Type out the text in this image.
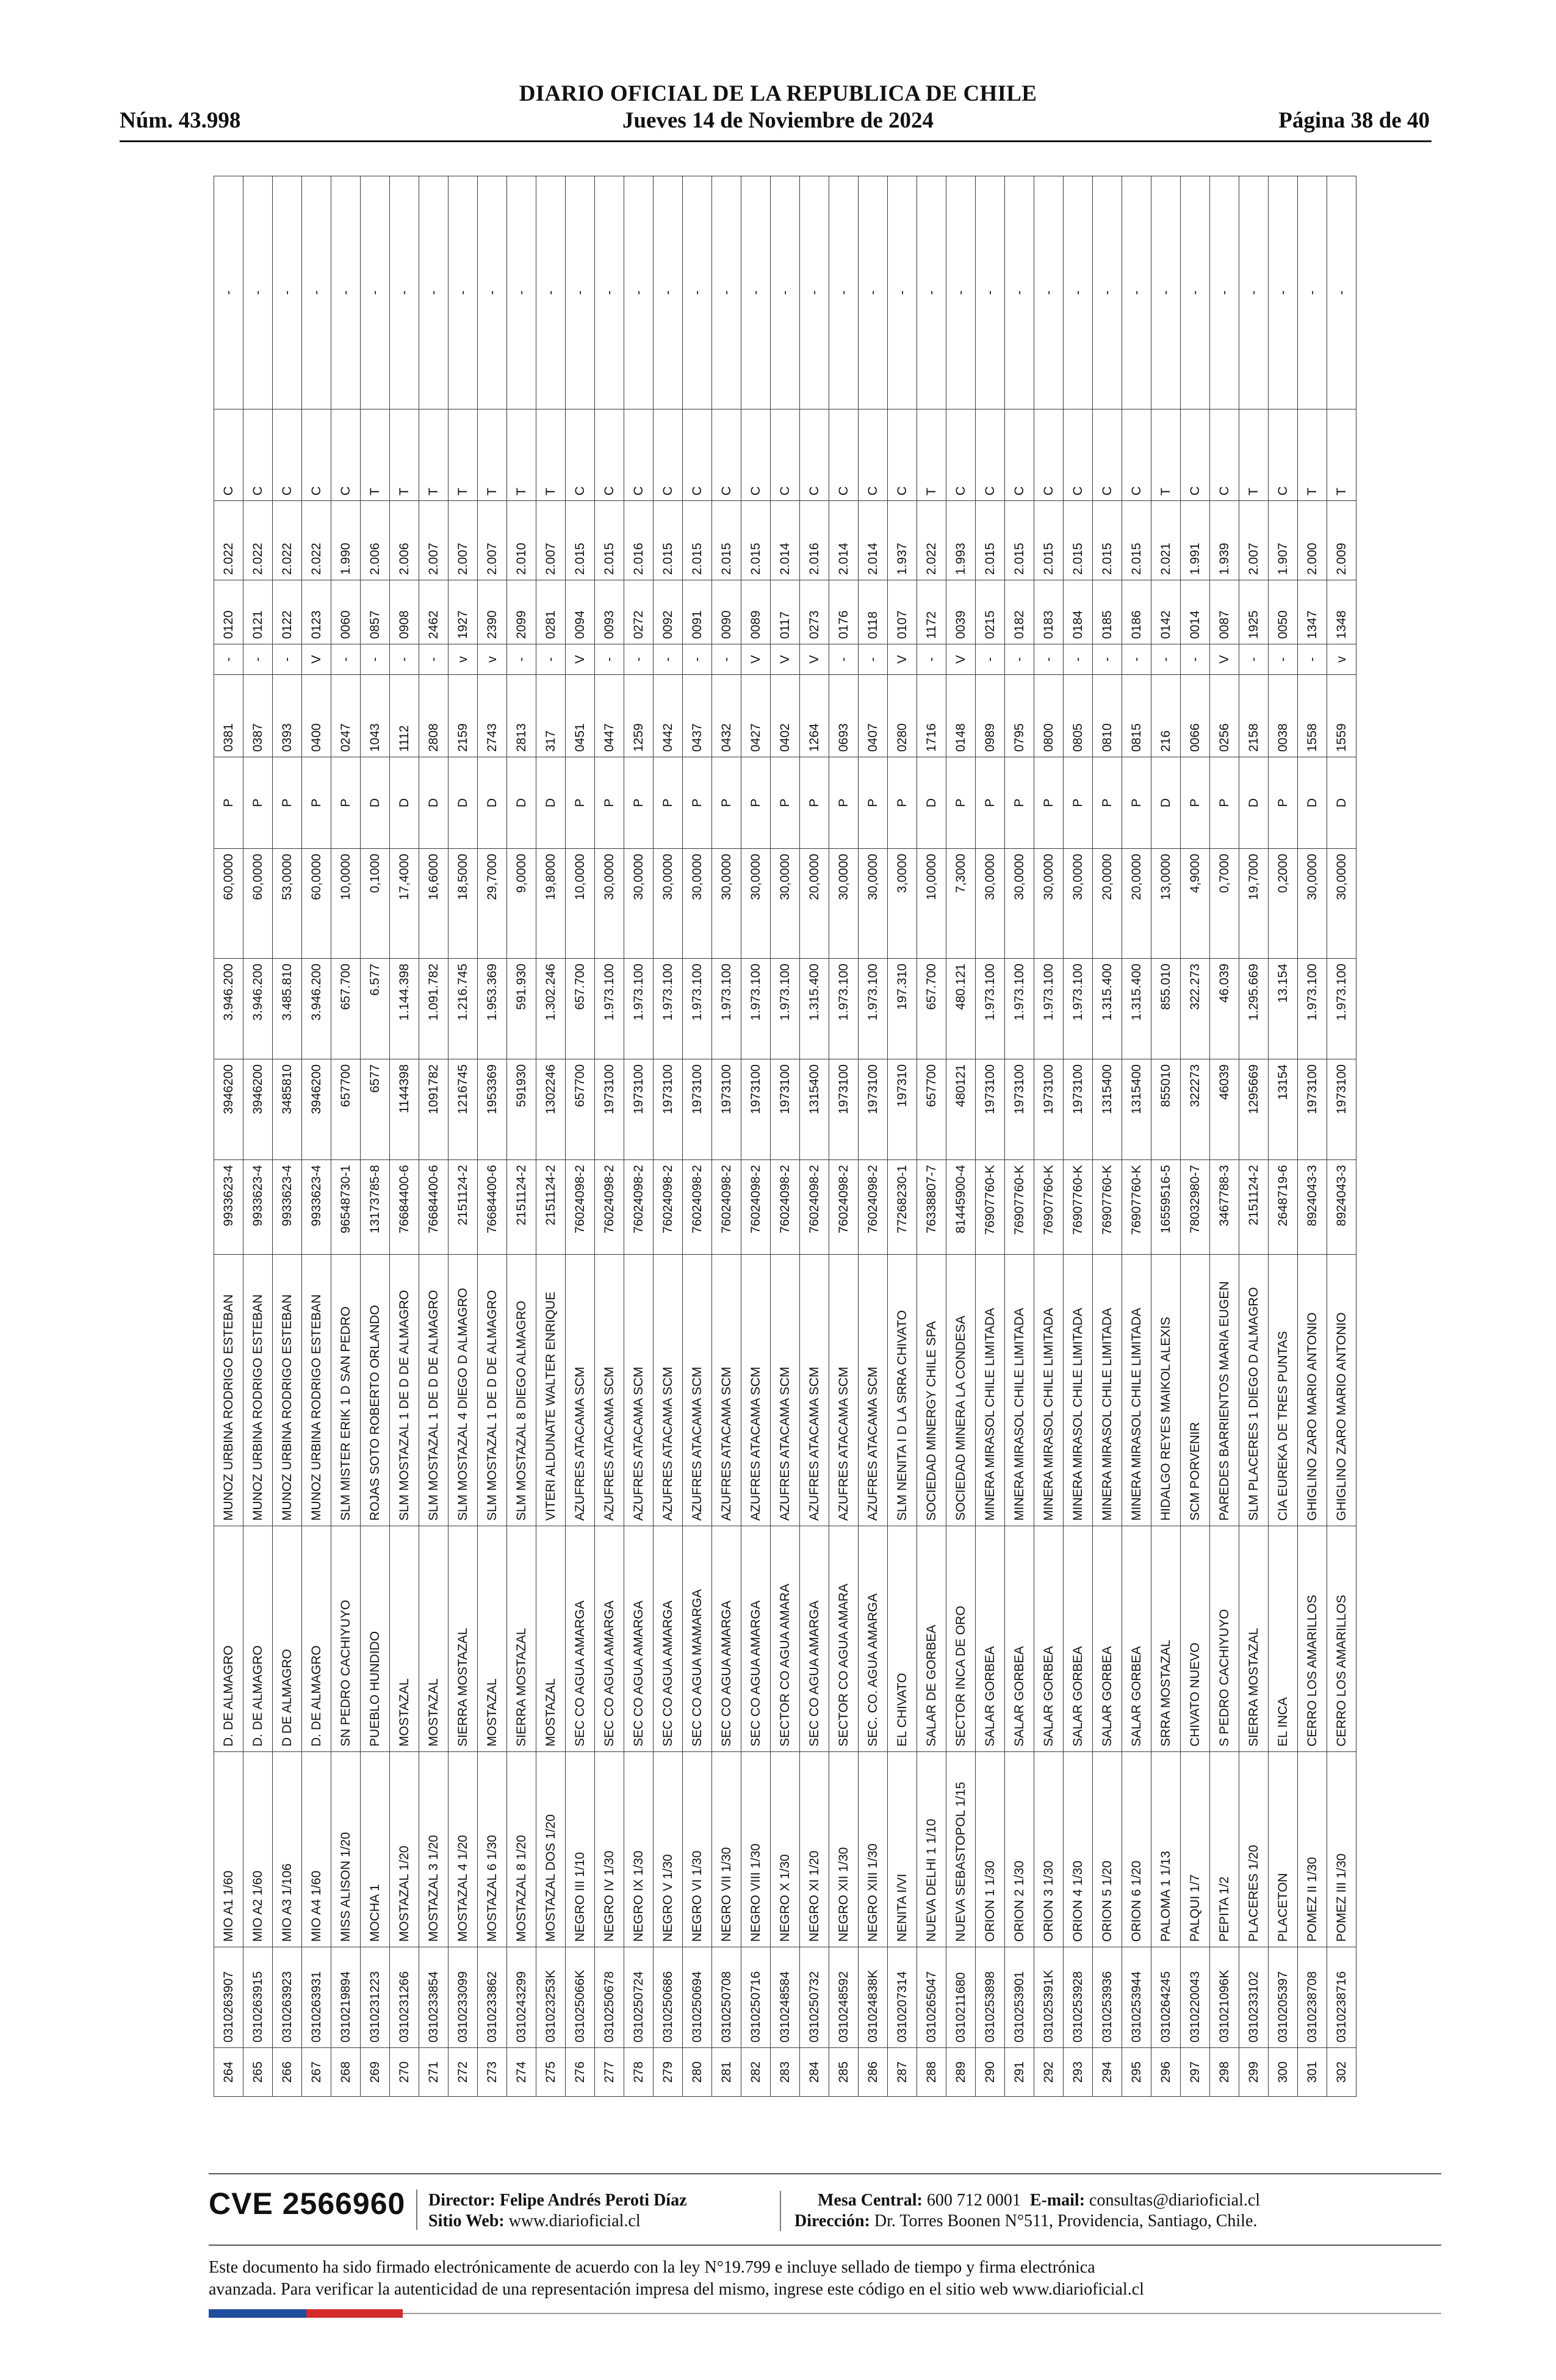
DIARIO OFICIAL DE LA REPUBLICA DE CHILE
Núm. 43.998	Jueves 14 de Noviembre de 2024	Página 38 de 40
264	0310263907	MIO A1 1/60	D. DE ALMAGRO	MUNOZ URBINA RODRIGO ESTEBAN	9933623-4	3946200	3.946.200	60,0000	P	0381	-	0120	2.022	C	-
265	0310263915	MIO A2 1/60	D. DE ALMAGRO	MUNOZ URBINA RODRIGO ESTEBAN	9933623-4	3946200	3.946.200	60,0000	P	0387	-	0121	2.022	C	-
266	0310263923	MIO A3 1/106	D DE ALMAGRO	MUNOZ URBINA RODRIGO ESTEBAN	9933623-4	3485810	3.485.810	53,0000	P	0393	-	0122	2.022	C	-
267	0310263931	MIO A4 1/60	D. DE ALMAGRO	MUNOZ URBINA RODRIGO ESTEBAN	9933623-4	3946200	3.946.200	60,0000	P	0400	V	0123	2.022	C	-
268	0310219894	MISS ALISON 1/20	SN PEDRO CACHIYUYO	SLM MISTER ERIK 1 D SAN PEDRO	96548730-1	657700	657.700	10,0000	P	0247	-	0060	1.990	C	-
269	0310231223	MOCHA 1	PUEBLO HUNDIDO	ROJAS SOTO ROBERTO ORLANDO	13173785-8	6577	6.577	0,1000	D	1043	-	0857	2.006	T	-
270	0310231266	MOSTAZAL 1/20	MOSTAZAL	SLM MOSTAZAL 1 DE D DE ALMAGRO	76684400-6	1144398	1.144.398	17,4000	D	1112	-	0908	2.006	T	-
271	0310233854	MOSTAZAL 3 1/20	MOSTAZAL	SLM MOSTAZAL 1 DE D DE ALMAGRO	76684400-6	1091782	1.091.782	16,6000	D	2808	-	2462	2.007	T	-
272	0310233099	MOSTAZAL 4 1/20	SIERRA MOSTAZAL	SLM MOSTAZAL 4 DIEGO D ALMAGRO	2151124-2	1216745	1.216.745	18,5000	D	2159	v	1927	2.007	T	-
273	0310233862	MOSTAZAL 6 1/30	MOSTAZAL	SLM MOSTAZAL 1 DE D DE ALMAGRO	76684400-6	1953369	1.953.369	29,7000	D	2743	v	2390	2.007	T	-
274	0310243299	MOSTAZAL 8 1/20	SIERRA MOSTAZAL	SLM MOSTAZAL 8 DIEGO ALMAGRO	2151124-2	591930	591.930	9,0000	D	2813	-	2099	2.010	T	-
275	031023253K	MOSTAZAL DOS 1/20	MOSTAZAL	VITERI ALDUNATE WALTER ENRIQUE	2151124-2	1302246	1.302.246	19,8000	D	317	-	0281	2.007	T	-
276	031025066K	NEGRO III 1/10	SEC CO AGUA AMARGA	AZUFRES ATACAMA SCM	76024098-2	657700	657.700	10,0000	P	0451	V	0094	2.015	C	-
277	0310250678	NEGRO IV 1/30	SEC CO AGUA AMARGA	AZUFRES ATACAMA SCM	76024098-2	1973100	1.973.100	30,0000	P	0447	-	0093	2.015	C	-
278	0310250724	NEGRO IX 1/30	SEC CO AGUA AMARGA	AZUFRES ATACAMA SCM	76024098-2	1973100	1.973.100	30,0000	P	1259	-	0272	2.016	C	-
279	0310250686	NEGRO V 1/30	SEC CO AGUA AMARGA	AZUFRES ATACAMA SCM	76024098-2	1973100	1.973.100	30,0000	P	0442	-	0092	2.015	C	-
280	0310250694	NEGRO VI 1/30	SEC CO AGUA MAMARGA	AZUFRES ATACAMA SCM	76024098-2	1973100	1.973.100	30,0000	P	0437	-	0091	2.015	C	-
281	0310250708	NEGRO VII 1/30	SEC CO AGUA AMARGA	AZUFRES ATACAMA SCM	76024098-2	1973100	1.973.100	30,0000	P	0432	-	0090	2.015	C	-
282	0310250716	NEGRO VIII 1/30	SEC CO AGUA AMARGA	AZUFRES ATACAMA SCM	76024098-2	1973100	1.973.100	30,0000	P	0427	V	0089	2.015	C	-
283	0310248584	NEGRO X 1/30	SECTOR CO AGUA AMARA	AZUFRES ATACAMA SCM	76024098-2	1973100	1.973.100	30,0000	P	0402	V	0117	2.014	C	-
284	0310250732	NEGRO XI 1/20	SEC CO AGUA AMARGA	AZUFRES ATACAMA SCM	76024098-2	1315400	1.315.400	20,0000	P	1264	V	0273	2.016	C	-
285	0310248592	NEGRO XII 1/30	SECTOR CO AGUA AMARA	AZUFRES ATACAMA SCM	76024098-2	1973100	1.973.100	30,0000	P	0693	-	0176	2.014	C	-
286	031024838K	NEGRO XIII 1/30	SEC. CO. AGUA AMARGA	AZUFRES ATACAMA SCM	76024098-2	1973100	1.973.100	30,0000	P	0407	-	0118	2.014	C	-
287	0310207314	NENITA I/VI	EL CHIVATO	SLM NENITA I D LA SRRA CHIVATO	77268230-1	197310	197.310	3,0000	P	0280	V	0107	1.937	C	-
288	0310265047	NUEVA DELHI 1 1/10	SALAR DE GORBEA	SOCIEDAD MINERGY CHILE SPA	76338807-7	657700	657.700	10,0000	D	1716	-	1172	2.022	T	-
289	0310211680	NUEVA SEBASTOPOL 1/15	SECTOR INCA DE ORO	SOCIEDAD MINERA LA CONDESA	81445900-4	480121	480.121	7,3000	P	0148	V	0039	1.993	C	-
290	0310253898	ORION 1 1/30	SALAR GORBEA	MINERA MIRASOL CHILE LIMITADA	76907760-K	1973100	1.973.100	30,0000	P	0989	-	0215	2.015	C	-
291	0310253901	ORION 2 1/30	SALAR GORBEA	MINERA MIRASOL CHILE LIMITADA	76907760-K	1973100	1.973.100	30,0000	P	0795	-	0182	2.015	C	-
292	031025391K	ORION 3 1/30	SALAR GORBEA	MINERA MIRASOL CHILE LIMITADA	76907760-K	1973100	1.973.100	30,0000	P	0800	-	0183	2.015	C	-
293	0310253928	ORION 4 1/30	SALAR GORBEA	MINERA MIRASOL CHILE LIMITADA	76907760-K	1973100	1.973.100	30,0000	P	0805	-	0184	2.015	C	-
294	0310253936	ORION 5 1/20	SALAR GORBEA	MINERA MIRASOL CHILE LIMITADA	76907760-K	1315400	1.315.400	20,0000	P	0810	-	0185	2.015	C	-
295	0310253944	ORION 6 1/20	SALAR GORBEA	MINERA MIRASOL CHILE LIMITADA	76907760-K	1315400	1.315.400	20,0000	P	0815	-	0186	2.015	C	-
296	0310264245	PALOMA 1 1/13	SRRA MOSTAZAL	HIDALGO REYES MAIKOL ALEXIS	16559516-5	855010	855.010	13,0000	D	216	-	0142	2.021	T	-
297	0310220043	PALQUI 1/7	CHIVATO NUEVO	SCM PORVENIR	78032980-7	322273	322.273	4,9000	P	0066	-	0014	1.991	C	-
298	031021096K	PEPITA 1/2	S PEDRO CACHIYUYO	PAREDES BARRIENTOS MARIA EUGEN	3467788-3	46039	46.039	0,7000	P	0256	V	0087	1.939	C	-
299	0310233102	PLACERES 1/20	SIERRA MOSTAZAL	SLM PLACERES 1 DIEGO D ALMAGRO	2151124-2	1295669	1.295.669	19,7000	D	2158	-	1925	2.007	T	-
300	0310205397	PLACETON	EL INCA	CIA EUREKA DE TRES PUNTAS	2648719-6	13154	13.154	0,2000	P	0038	-	0050	1.907	C	-
301	0310238708	POMEZ II 1/30	CERRO LOS AMARILLOS	GHIGLINO ZARO MARIO ANTONIO	8924043-3	1973100	1.973.100	30,0000	D	1558	-	1347	2.000	T	-
302	0310238716	POMEZ III 1/30	CERRO LOS AMARILLOS	GHIGLINO ZARO MARIO ANTONIO	8924043-3	1973100	1.973.100	30,0000	D	1559	v	1348	2.009	T	-
CVE 2566960 Director: Felipe Andrés Peroti Díaz
Sitio Web: www.diarioficial.cl
Mesa Central: 600 712 0001 E-mail: consultas@diarioficial.cl
Dirección: Dr. Torres Boonen N°511, Providencia, Santiago, Chile.
Este documento ha sido firmado electrónicamente de acuerdo con la ley N°19.799 e incluye sellado de tiempo y firma electrónica
avanzada. Para verificar la autenticidad de una representación impresa del mismo, ingrese este código en el sitio web www.diarioficial.cl
